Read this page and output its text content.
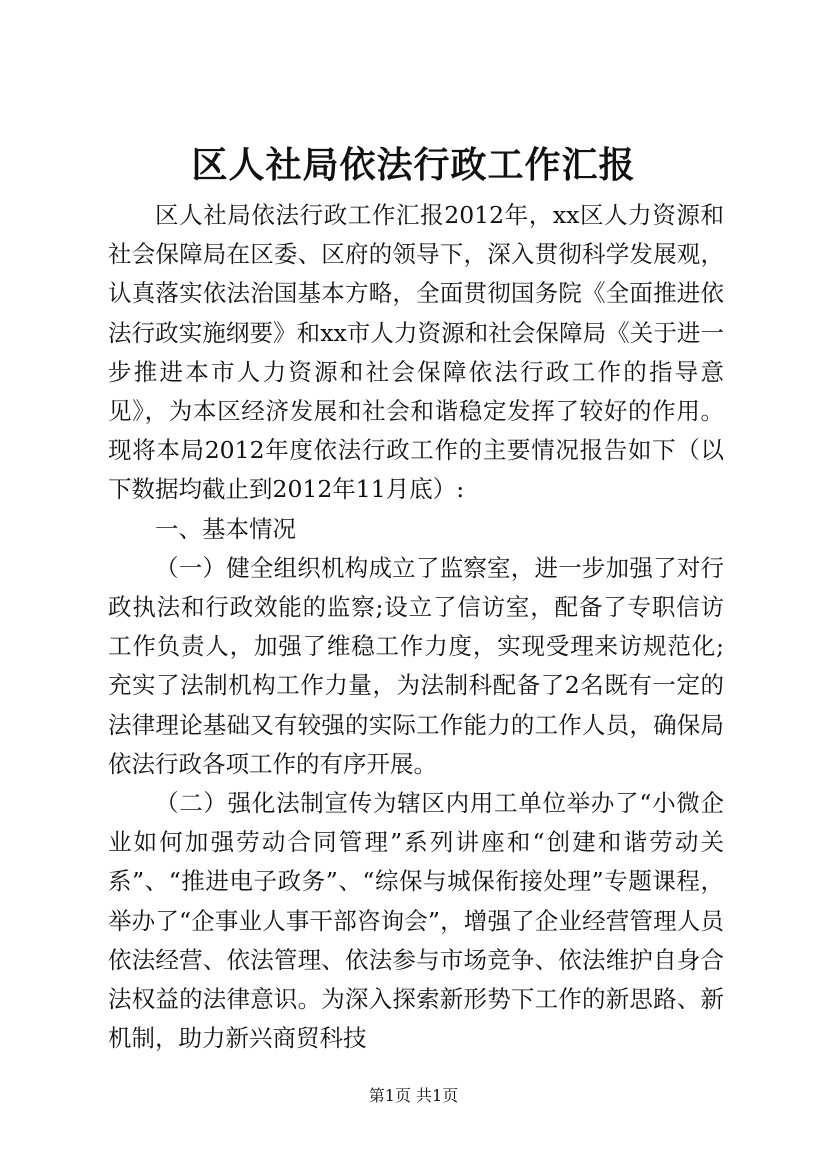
区人社局依法行政工作汇报

区人社局依法行政工作汇报2012年，xx区人力资源和社会保障局在区委、区府的领导下，深入贯彻科学发展观，认真落实依法治国基本方略，全面贯彻国务院《全面推进依法行政实施纲要》和xx市人力资源和社会保障局《关于进一步推进本市人力资源和社会保障依法行政工作的指导意见》，为本区经济发展和社会和谐稳定发挥了较好的作用。现将本局2012年度依法行政工作的主要情况报告如下（以下数据均截止到2012年11月底）:

一、基本情况

（一）健全组织机构成立了监察室，进一步加强了对行政执法和行政效能的监察;设立了信访室，配备了专职信访工作负责人，加强了维稳工作力度，实现受理来访规范化;充实了法制机构工作力量，为法制科配备了2名既有一定的法律理论基础又有较强的实际工作能力的工作人员，确保局依法行政各项工作的有序开展。

（二）强化法制宣传为辖区内用工单位举办了“小微企业如何加强劳动合同管理”系列讲座和“创建和谐劳动关系”、“推进电子政务”、“综保与城保衔接处理”专题课程，举办了“企事业人事干部咨询会”，增强了企业经营管理人员依法经营、依法管理、依法参与市场竞争、依法维护自身合法权益的法律意识。为深入探索新形势下工作的新思路、新机制，助力新兴商贸科技

第1页 共1页
